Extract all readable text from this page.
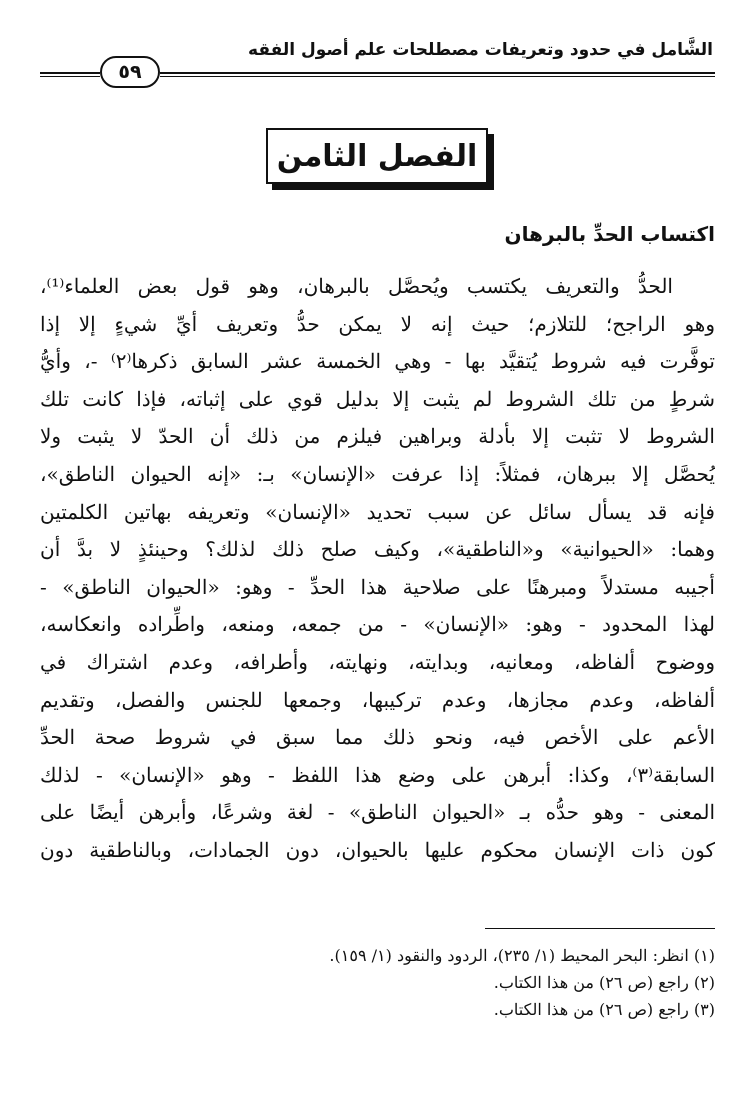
الشَّامل في حدود وتعريفات مصطلحات علم أصول الفقه
٥٩
الفصل الثامن
اكتساب الحدِّ بالبرهان
الحدُّ والتعريف يكتسب ويُحصَّل بالبرهان، وهو قول بعض العلماء⁽¹⁾،
وهو الراجح؛ للتلازم؛ حيث إنه لا يمكن حدُّ وتعريف أيِّ شيءٍ إلا إذا
توفَّرت فيه شروط يُتقيَّد بها - وهي الخمسة عشر السابق ذكرها⁽٢⁾ -، وأيُّ
شرطٍ من تلك الشروط لم يثبت إلا بدليل قوي على إثباته، فإذا كانت تلك
الشروط لا تثبت إلا بأدلة وبراهين فيلزم من ذلك أن الحدّ لا يثبت ولا
يُحصَّل إلا ببرهان، فمثلاً: إذا عرفت «الإنسان» بـ: «إنه الحيوان الناطق»،
فإنه قد يسأل سائل عن سبب تحديد «الإنسان» وتعريفه بهاتين الكلمتين
وهما: «الحيوانية» و«الناطقية»، وكيف صلح ذلك لذلك؟ وحينئذٍ لا بدَّ أن
أجيبه مستدلاً ومبرهنًا على صلاحية هذا الحدِّ - وهو: «الحيوان الناطق» -
لهذا المحدود - وهو: «الإنسان» - من جمعه، ومنعه، واطِّراده وانعكاسه،
ووضوح ألفاظه، ومعانيه، وبدايته، ونهايته، وأطرافه، وعدم اشتراك في
ألفاظه، وعدم مجازها، وعدم تركيبها، وجمعها للجنس والفصل، وتقديم
الأعم على الأخص فيه، ونحو ذلك مما سبق في شروط صحة الحدِّ
السابقة⁽٣⁾، وكذا: أبرهن على وضع هذا اللفظ - وهو «الإنسان» - لذلك
المعنى - وهو حدُّه بـ «الحيوان الناطق» - لغة وشرعًا، وأبرهن أيضًا على
كون ذات الإنسان محكوم عليها بالحيوان، دون الجمادات، وبالناطقية دون
(١) انظر: البحر المحيط (١/ ٢٣٥)، الردود والنقود (١/ ١٥٩).
(٢) راجع (ص ٢٦) من هذا الكتاب.
(٣) راجع (ص ٢٦) من هذا الكتاب.
